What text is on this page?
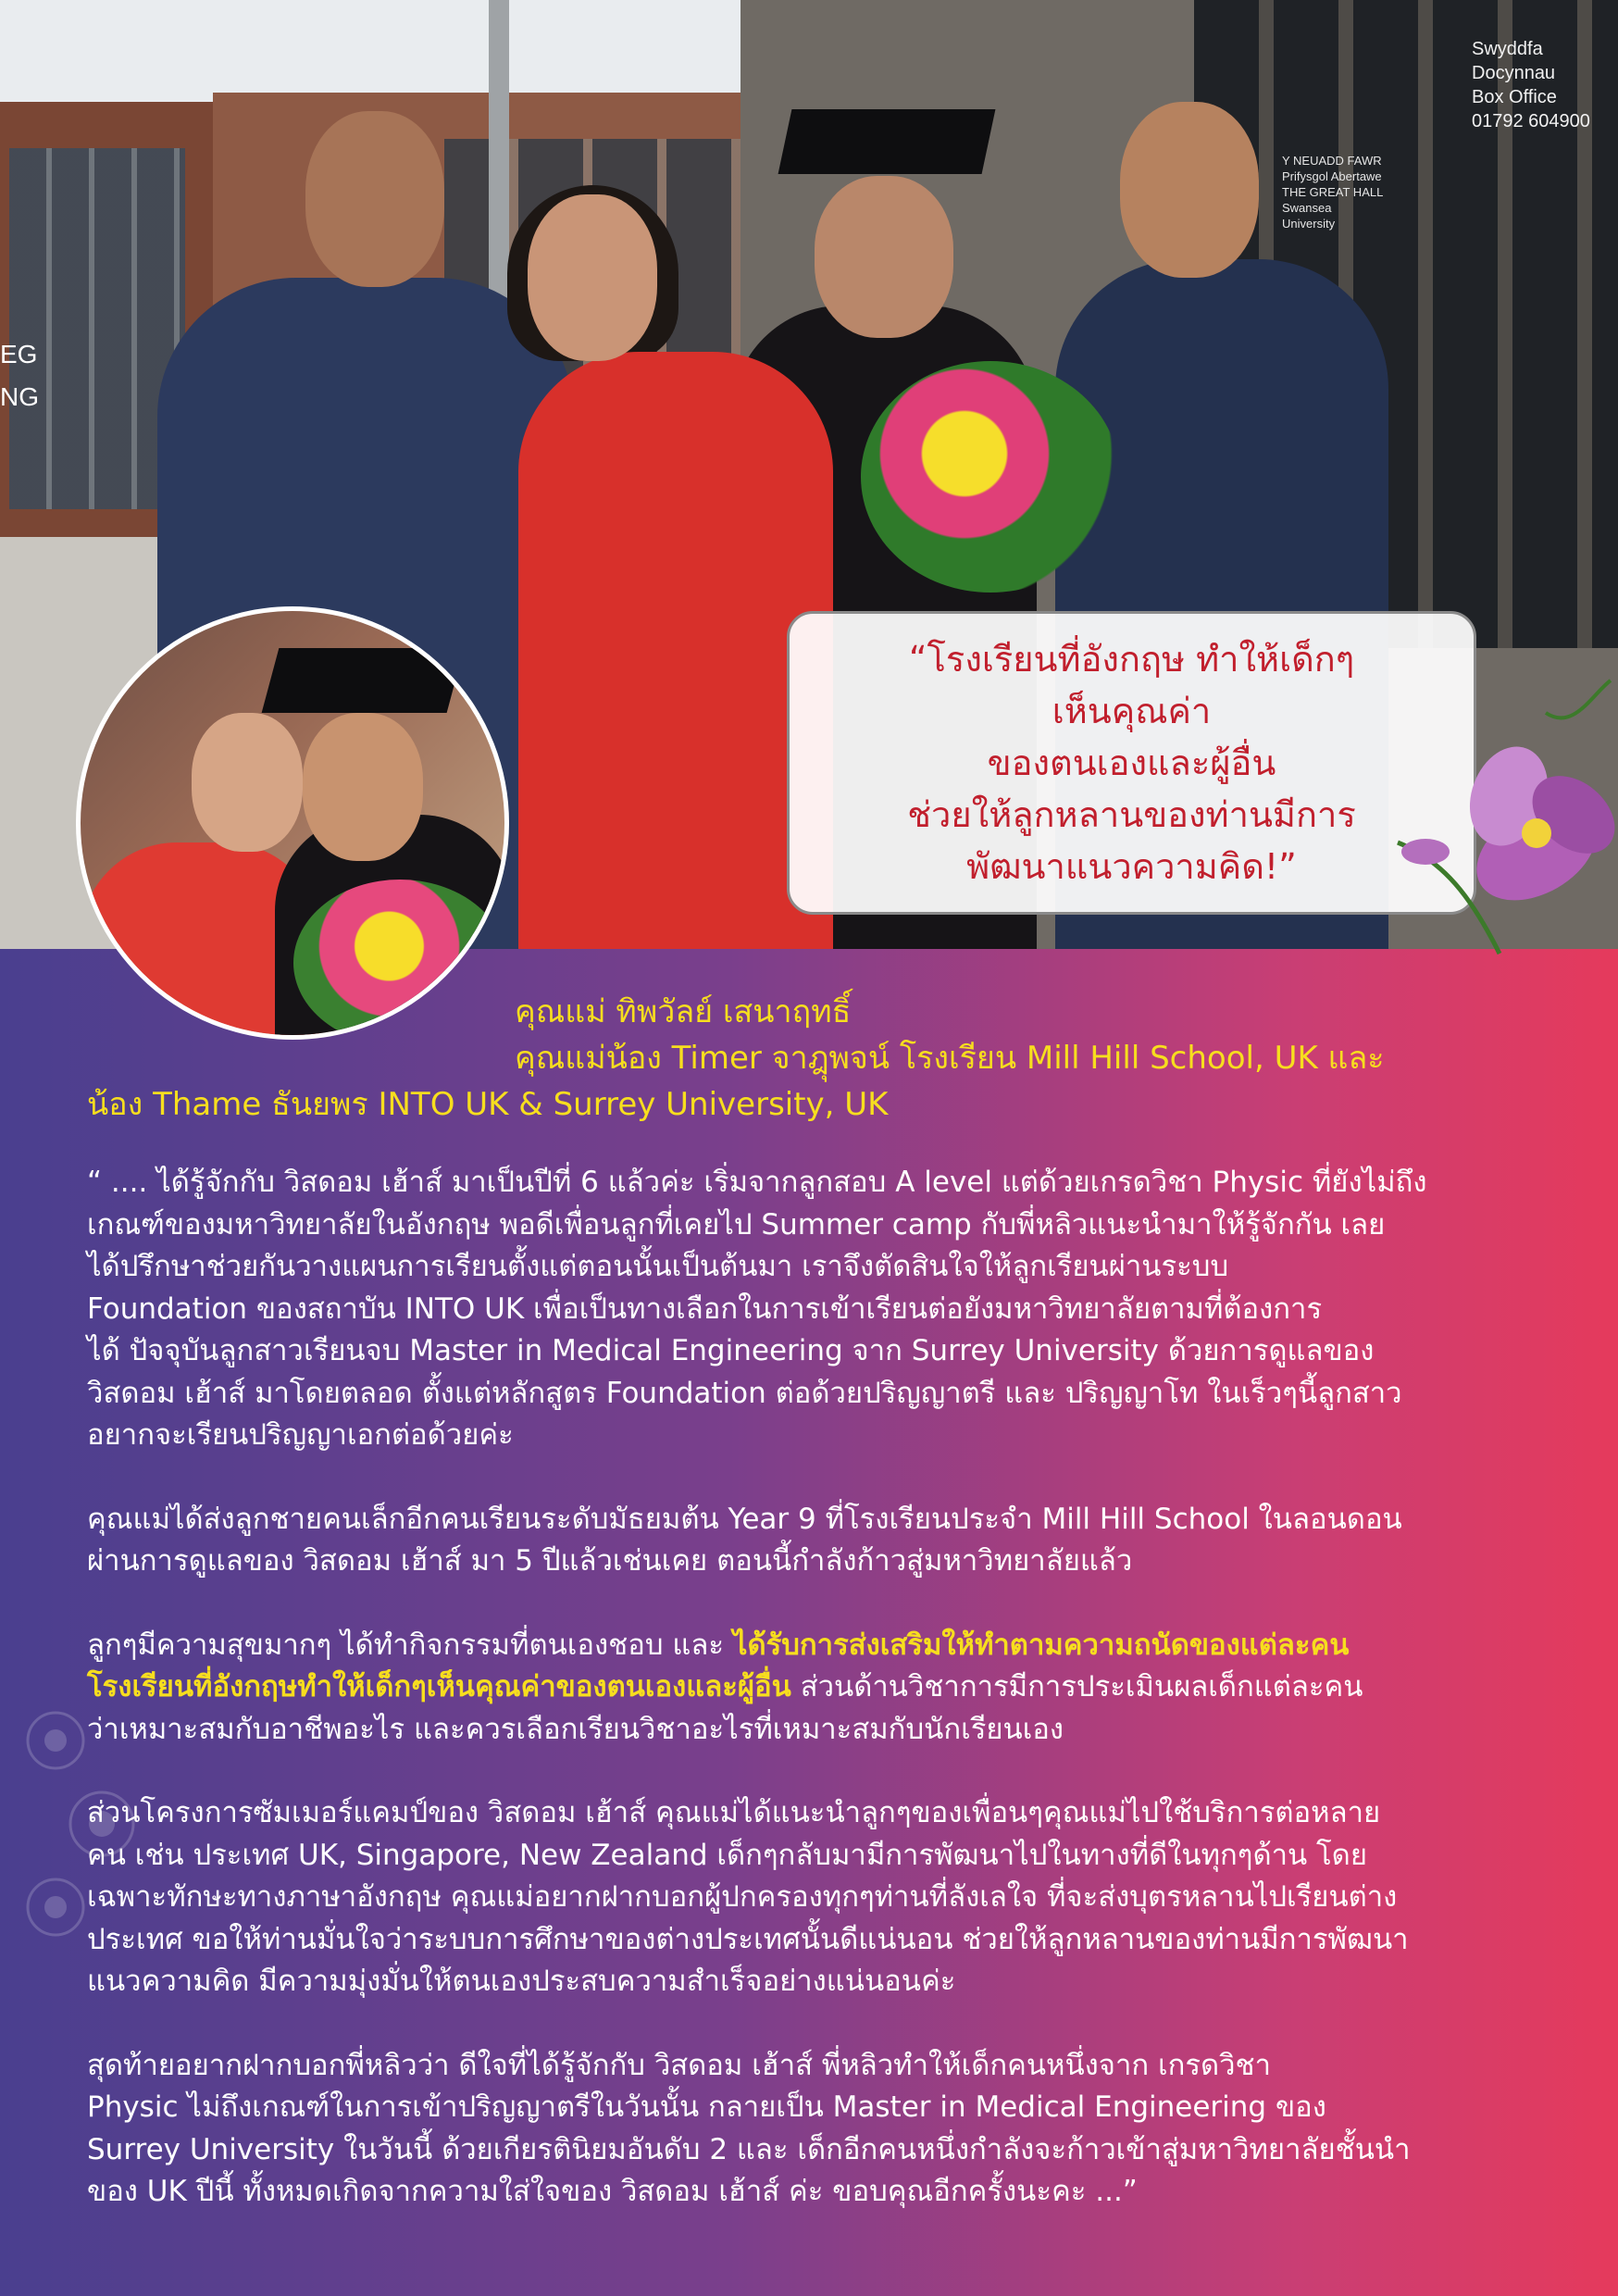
EG
NG
Swyddfa Docynnau
Box Office
01792 604900
Y NEUADD FAWR
Prifysgol Abertawe
THE GREAT HALL
Swansea University
“โรงเรียนที่อังกฤษ ทำให้เด็กๆ
เห็นคุณค่า
ของตนเองและผู้อื่น
ช่วยให้ลูกหลานของท่านมีการ
พัฒนาแนวความคิด!”
คุณแม่ ทิพวัลย์ เสนาฤทธิ์
คุณแม่น้อง Timer จาฎุพจน์ โรงเรียน Mill Hill School, UK และ
น้อง Thame ธันยพร INTO UK & Surrey University, UK
“ .... ได้รู้จักกับ วิสดอม เฮ้าส์ มาเป็นปีที่ 6 แล้วค่ะ เริ่มจากลูกสอบ A level แต่ด้วยเกรดวิชา Physic ที่ยังไม่ถึง
เกณฑ์ของมหาวิทยาลัยในอังกฤษ พอดีเพื่อนลูกที่เคยไป Summer camp กับพี่หลิวแนะนำมาให้รู้จักกัน เลย
ได้ปรึกษาช่วยกันวางแผนการเรียนตั้งแต่ตอนนั้นเป็นต้นมา เราจึงตัดสินใจให้ลูกเรียนผ่านระบบ
Foundation ของสถาบัน INTO UK เพื่อเป็นทางเลือกในการเข้าเรียนต่อยังมหาวิทยาลัยตามที่ต้องการ
ได้ ปัจจุบันลูกสาวเรียนจบ Master in Medical Engineering จาก Surrey University ด้วยการดูแลของ
วิสดอม เฮ้าส์ มาโดยตลอด ตั้งแต่หลักสูตร Foundation ต่อด้วยปริญญาตรี และ ปริญญาโท ในเร็วๆนี้ลูกสาว
อยากจะเรียนปริญญาเอกต่อด้วยค่ะ
คุณแม่ได้ส่งลูกชายคนเล็กอีกคนเรียนระดับมัธยมต้น Year 9 ที่โรงเรียนประจำ Mill Hill School ในลอนดอน
ผ่านการดูแลของ วิสดอม เฮ้าส์ มา 5 ปีแล้วเช่นเคย ตอนนี้กำลังก้าวสู่มหาวิทยาลัยแล้ว
ลูกๆมีความสุขมากๆ ได้ทำกิจกรรมที่ตนเองชอบ และ ได้รับการส่งเสริมให้ทำตามความถนัดของแต่ละคน
โรงเรียนที่อังกฤษทำให้เด็กๆเห็นคุณค่าของตนเองและผู้อื่น ส่วนด้านวิชาการมีการประเมินผลเด็กแต่ละคน
ว่าเหมาะสมกับอาชีพอะไร และควรเลือกเรียนวิชาอะไรที่เหมาะสมกับนักเรียนเอง
ส่วนโครงการซัมเมอร์แคมป์ของ วิสดอม เฮ้าส์ คุณแม่ได้แนะนำลูกๆของเพื่อนๆคุณแม่ไปใช้บริการต่อหลาย
คน เช่น ประเทศ UK, Singapore, New Zealand เด็กๆกลับมามีการพัฒนาไปในทางที่ดีในทุกๆด้าน โดย
เฉพาะทักษะทางภาษาอังกฤษ คุณแม่อยากฝากบอกผู้ปกครองทุกๆท่านที่ลังเลใจ ที่จะส่งบุตรหลานไปเรียนต่าง
ประเทศ ขอให้ท่านมั่นใจว่าระบบการศึกษาของต่างประเทศนั้นดีแน่นอน ช่วยให้ลูกหลานของท่านมีการพัฒนา
แนวความคิด มีความมุ่งมั่นให้ตนเองประสบความสำเร็จอย่างแน่นอนค่ะ
สุดท้ายอยากฝากบอกพี่หลิวว่า ดีใจที่ได้รู้จักกับ วิสดอม เฮ้าส์ พี่หลิวทำให้เด็กคนหนึ่งจาก เกรดวิชา
Physic ไม่ถึงเกณฑ์ในการเข้าปริญญาตรีในวันนั้น กลายเป็น Master in Medical Engineering ของ
Surrey University ในวันนี้ ด้วยเกียรตินิยมอันดับ 2 และ เด็กอีกคนหนึ่งกำลังจะก้าวเข้าสู่มหาวิทยาลัยชั้นนำ
ของ UK ปีนี้ ทั้งหมดเกิดจากความใส่ใจของ วิสดอม เฮ้าส์ ค่ะ ขอบคุณอีกครั้งนะคะ ...”
